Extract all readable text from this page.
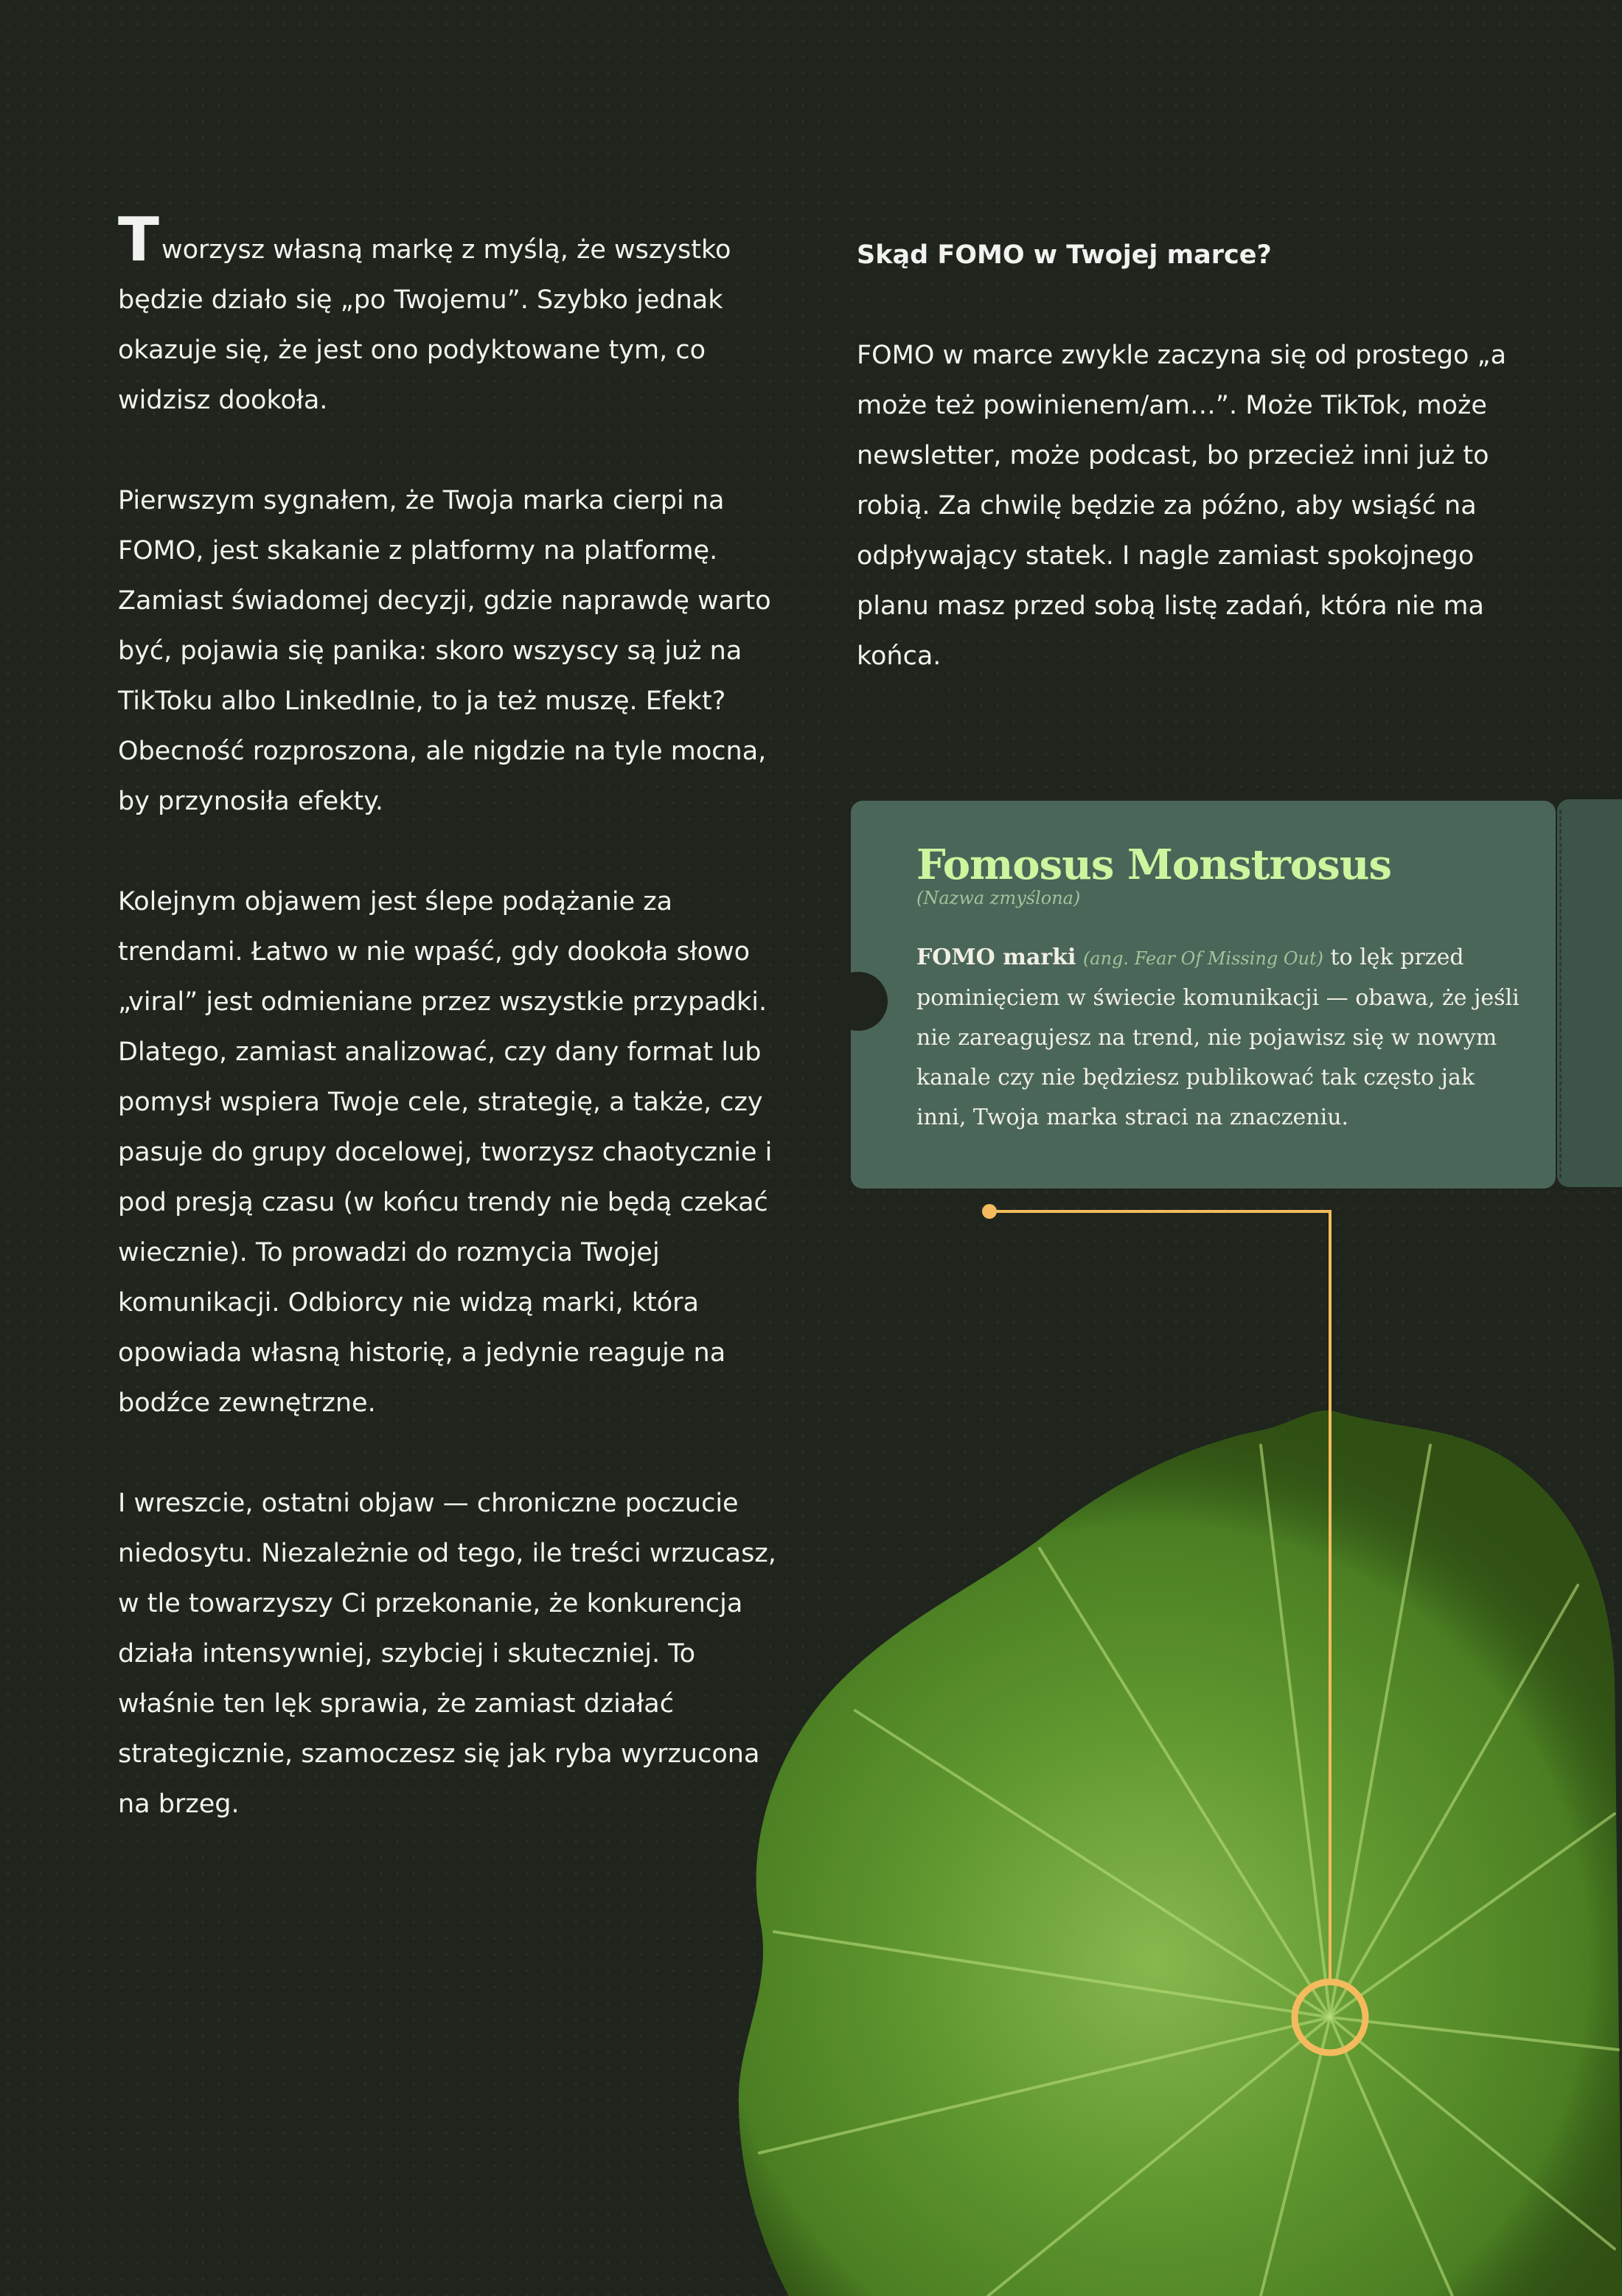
Tworzysz własną markę z myślą, że wszystko będzie działo się „po Twojemu”. Szybko jednak okazuje się, że jest ono podyktowane tym, co widzisz dookoła.

Pierwszym sygnałem, że Twoja marka cierpi na FOMO, jest skakanie z platformy na platformę. Zamiast świadomej decyzji, gdzie naprawdę warto być, pojawia się panika: skoro wszyscy są już na TikToku albo LinkedInie, to ja też muszę. Efekt? Obecność rozproszona, ale nigdzie na tyle mocna, by przynosiła efekty.

Kolejnym objawem jest ślepe podążanie za trendami. Łatwo w nie wpaść, gdy dookoła słowo „viral” jest odmieniane przez wszystkie przypadki. Dlatego, zamiast analizować, czy dany format lub pomysł wspiera Twoje cele, strategię, a także, czy pasuje do grupy docelowej, tworzysz chaotycznie i pod presją czasu (w końcu trendy nie będą czekać wiecznie). To prowadzi do rozmycia Twojej komunikacji. Odbiorcy nie widzą marki, która opowiada własną historię, a jedynie reaguje na bodźce zewnętrzne.

I wreszcie, ostatni objaw — chroniczne poczucie niedosytu. Niezależnie od tego, ile treści wrzucasz, w tle towarzyszy Ci przekonanie, że konkurencja działa intensywniej, szybciej i skuteczniej. To właśnie ten lęk sprawia, że zamiast działać strategicznie, szamoczesz się jak ryba wyrzucona na brzeg.

Skąd FOMO w Twojej marce?

FOMO w marce zwykle zaczyna się od prostego „a może też powinienem/am…”. Może TikTok, może newsletter, może podcast, bo przecież inni już to robią. Za chwilę będzie za późno, aby wsiąść na odpływający statek. I nagle zamiast spokojnego planu masz przed sobą listę zadań, która nie ma końca.

Fomosus Monstrosus
(Nazwa zmyślona)
FOMO marki (ang. Fear Of Missing Out) to lęk przed pominięciem w świecie komunikacji — obawa, że jeśli nie zareagujesz na trend, nie pojawisz się w nowym kanale czy nie będziesz publikować tak często jak inni, Twoja marka straci na znaczeniu.
